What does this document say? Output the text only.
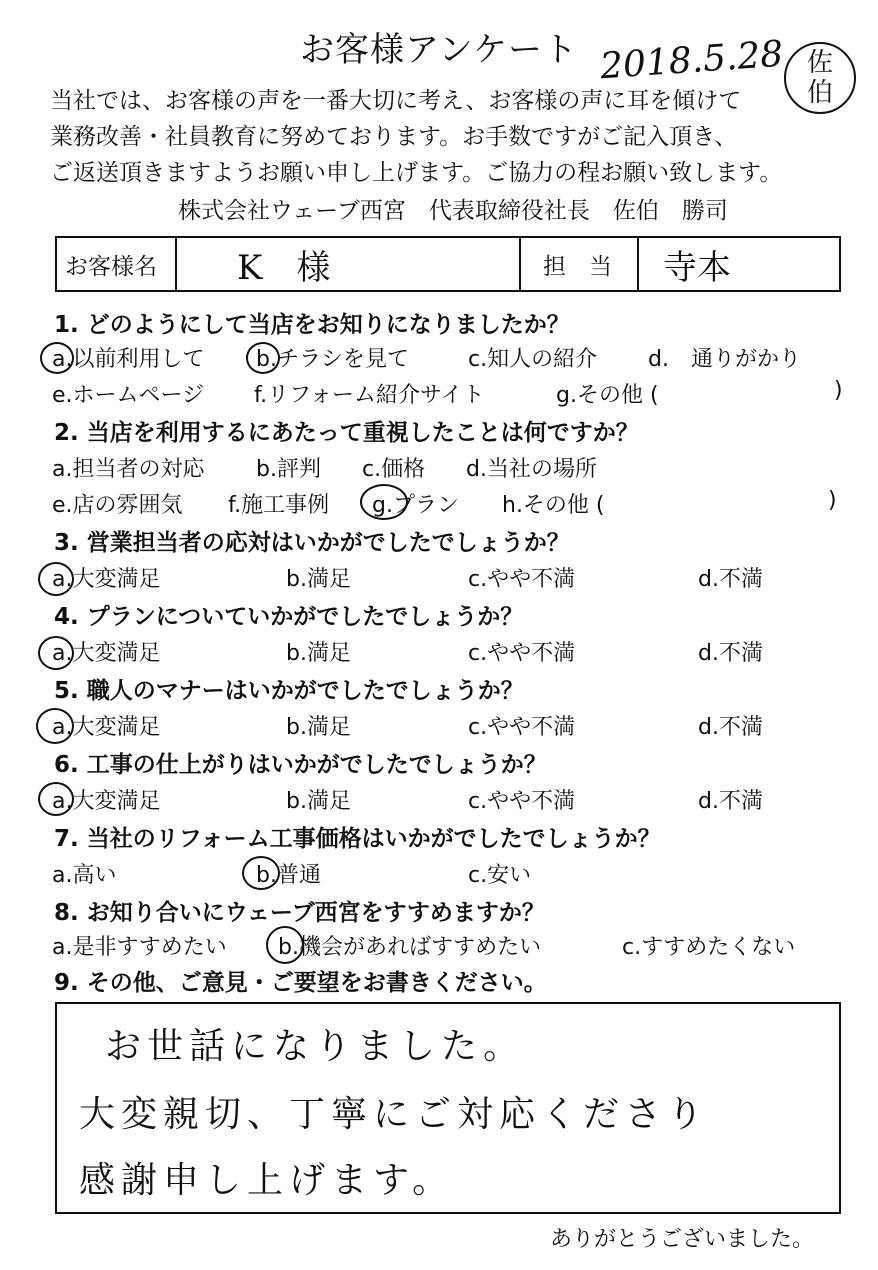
お客様アンケート 2018.5.28 佐
伯
当社では、お客様の声を一番大切に考え、お客様の声に耳を傾けて
業務改善・社員教育に努めております。お手数ですがご記入頂き、
ご返送頂きますようお願い申し上げます。ご協力の程お願い致します。
株式会社ウェーブ西宮　代表取締役社長　佐伯　勝司
お客様名	K　様	担　当	寺本
1. どのようにして当店をお知りになりましたか？
a.以前利用して b.チラシを見て	c.知人の紹介 d.　通りがかり
e.ホームページ f.リフォーム紹介サイト	g.その他 (	)
2. 当店を利用するにあたって重視したことは何ですか？
a.担当者の対応 b.評判 c.価格 d.当社の場所
e.店の雰囲気 f.施工事例 g.プラン h.その他 (	)
3. 営業担当者の応対はいかがでしたでしょうか？
a.大変満足	b.満足	c.やや不満	d.不満
4. プランについていかがでしたでしょうか？
a.大変満足	b.満足	c.やや不満	d.不満
5. 職人のマナーはいかがでしたでしょうか？
a.大変満足	b.満足	c.やや不満	d.不満
6. 工事の仕上がりはいかがでしたでしょうか？
a.大変満足	b.満足	c.やや不満	d.不満
7. 当社のリフォーム工事価格はいかがでしたでしょうか？
a.高い	b.普通	c.安い
8. お知り合いにウェーブ西宮をすすめますか？
a.是非すすめたい b.機会があればすすめたい	c.すすめたくない
9. その他、ご意見・ご要望をお書きください。
お世話になりました。
大変親切、丁寧にご対応くださり
感謝申し上げます。
ありがとうございました。
